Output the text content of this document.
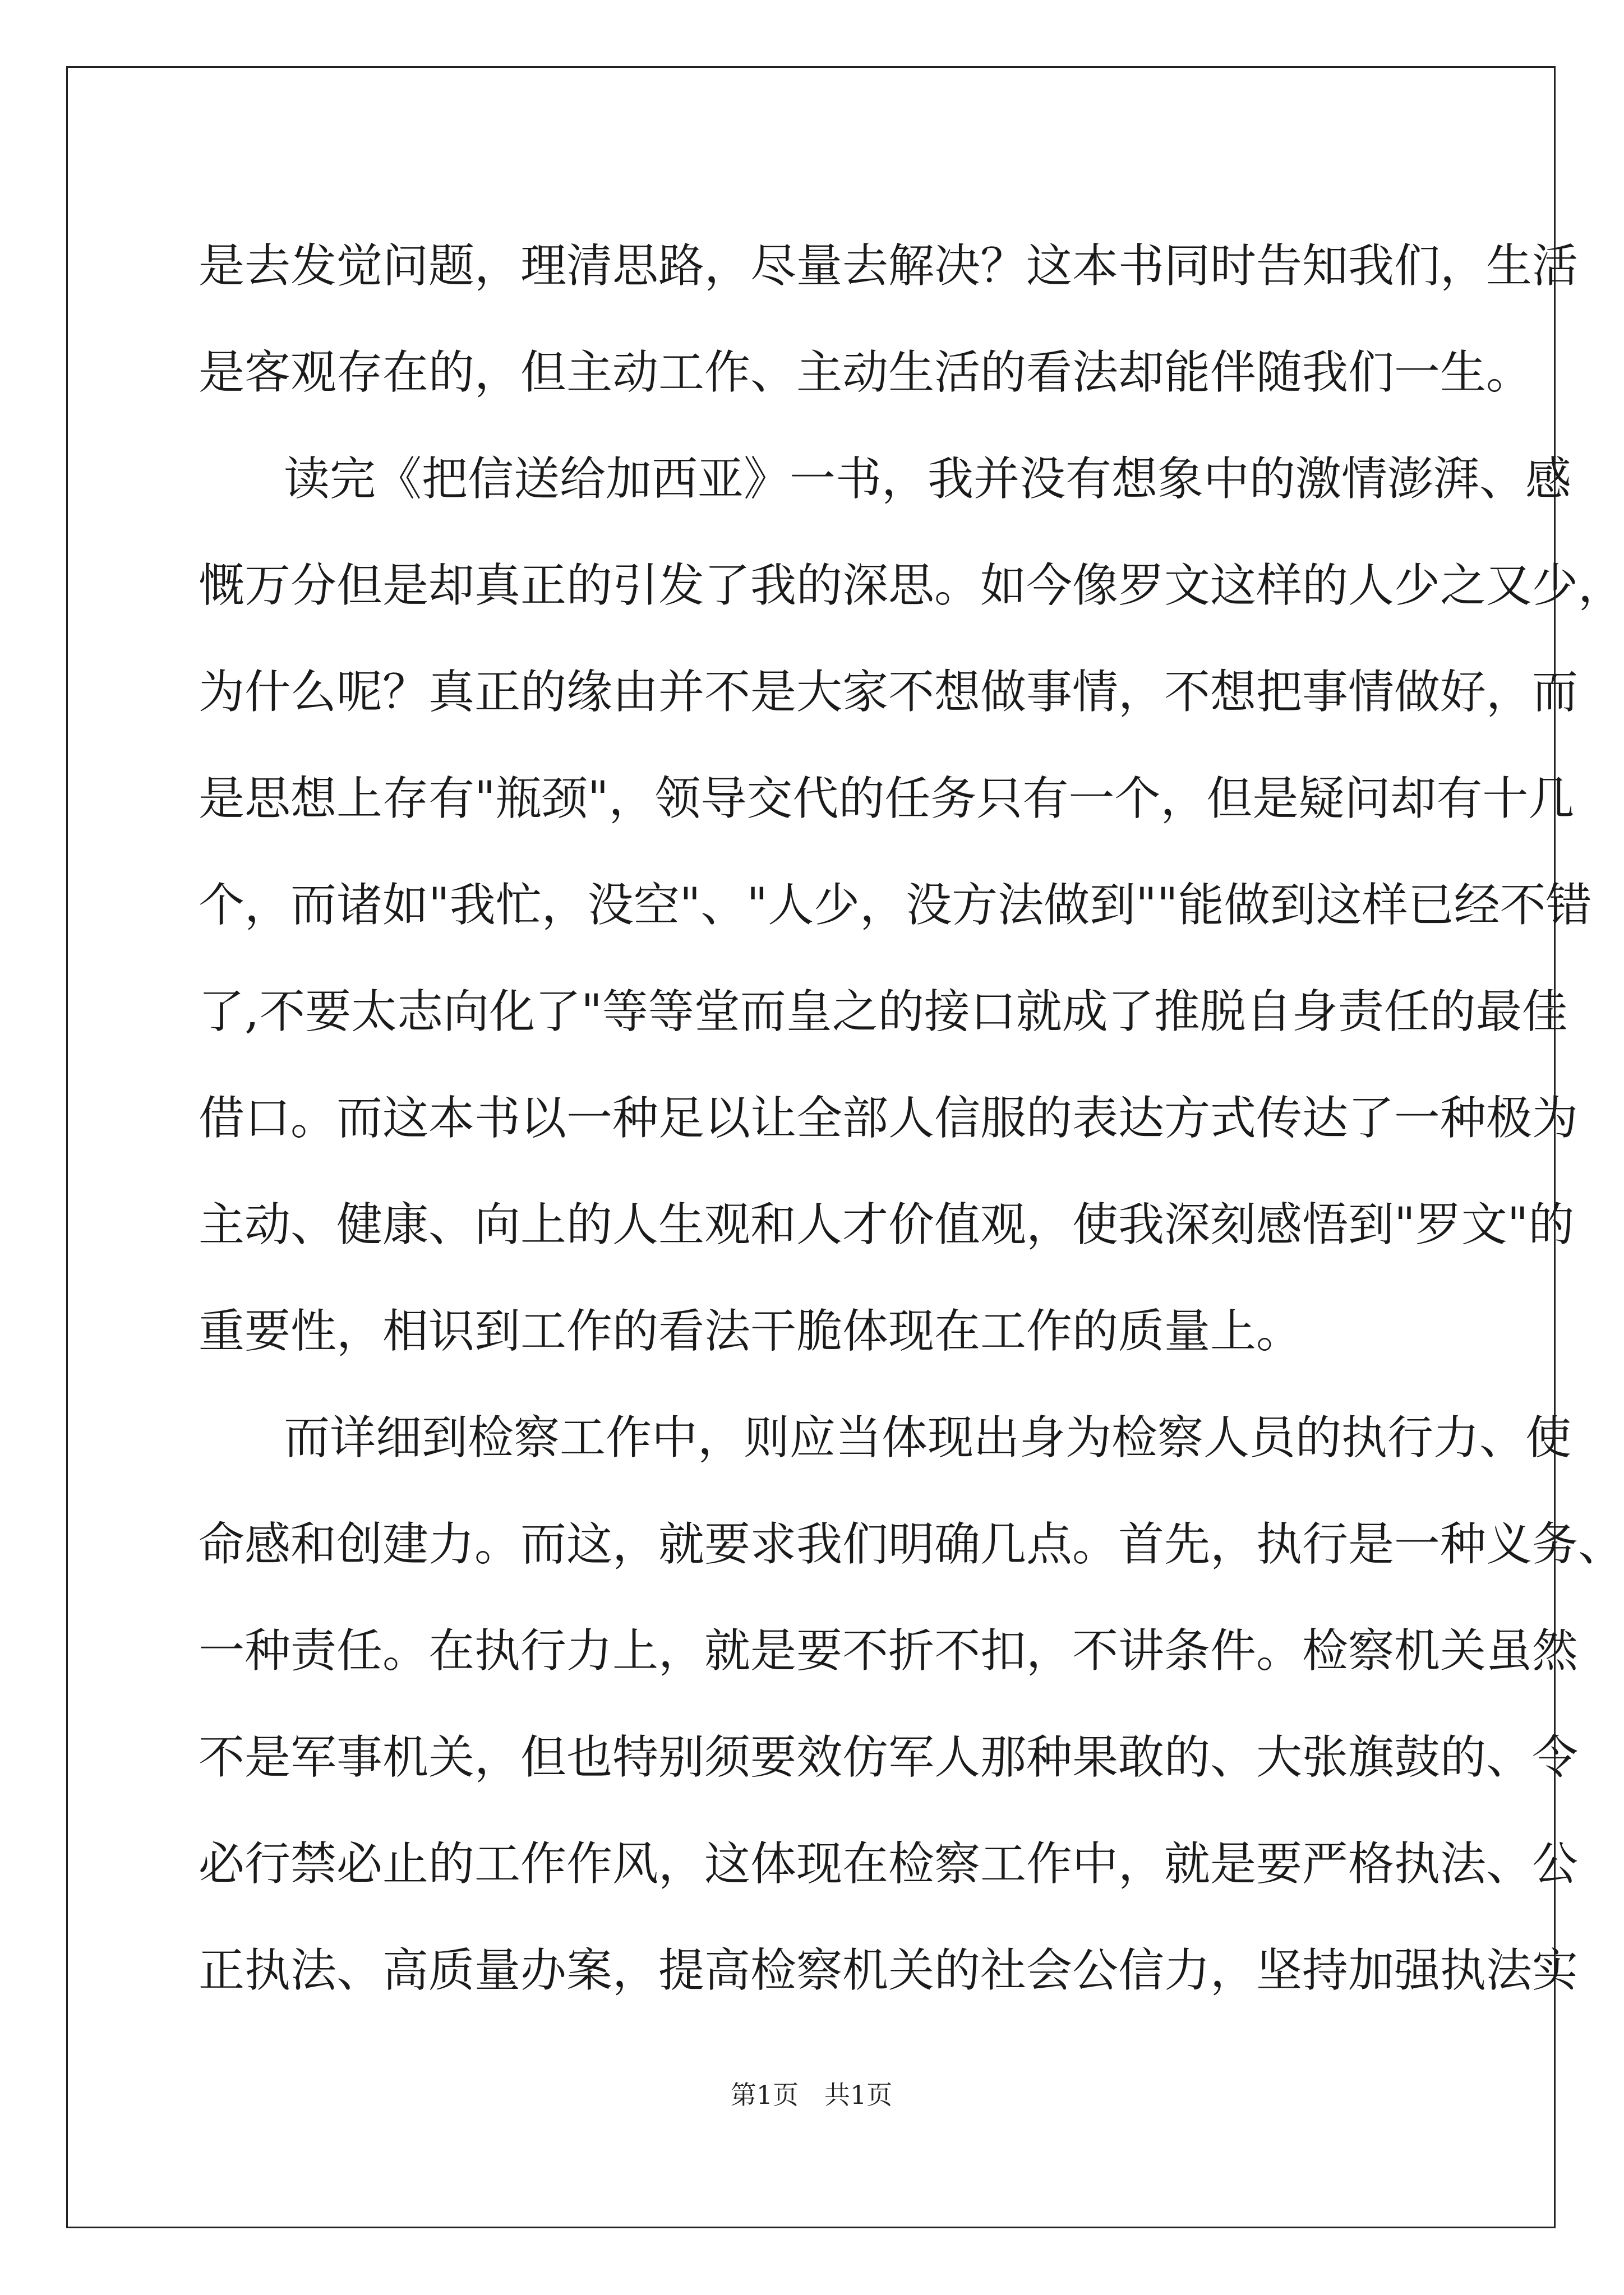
是去发觉问题，理清思路，尽量去解决？这本书同时告知我们，生活
是客观存在的，但主动工作、主动生活的看法却能伴随我们一生。
读完《把信送给加西亚》一书，我并没有想象中的激情澎湃、感
慨万分但是却真正的引发了我的深思。如今像罗文这样的人少之又少，
为什么呢？真正的缘由并不是大家不想做事情，不想把事情做好，而
是思想上存有"瓶颈"，领导交代的任务只有一个，但是疑问却有十几
个，而诸如"我忙，没空"、"人少，没方法做到""能做到这样已经不错
了,不要太志向化了"等等堂而皇之的接口就成了推脱自身责任的最佳
借口。而这本书以一种足以让全部人信服的表达方式传达了一种极为
主动、健康、向上的人生观和人才价值观，使我深刻感悟到"罗文"的
重要性，相识到工作的看法干脆体现在工作的质量上。
而详细到检察工作中，则应当体现出身为检察人员的执行力、使
命感和创建力。而这，就要求我们明确几点。首先，执行是一种义务、
一种责任。在执行力上，就是要不折不扣，不讲条件。检察机关虽然
不是军事机关，但也特别须要效仿军人那种果敢的、大张旗鼓的、令
必行禁必止的工作作风，这体现在检察工作中，就是要严格执法、公
正执法、高质量办案，提高检察机关的社会公信力，坚持加强执法实
第1页　共1页
